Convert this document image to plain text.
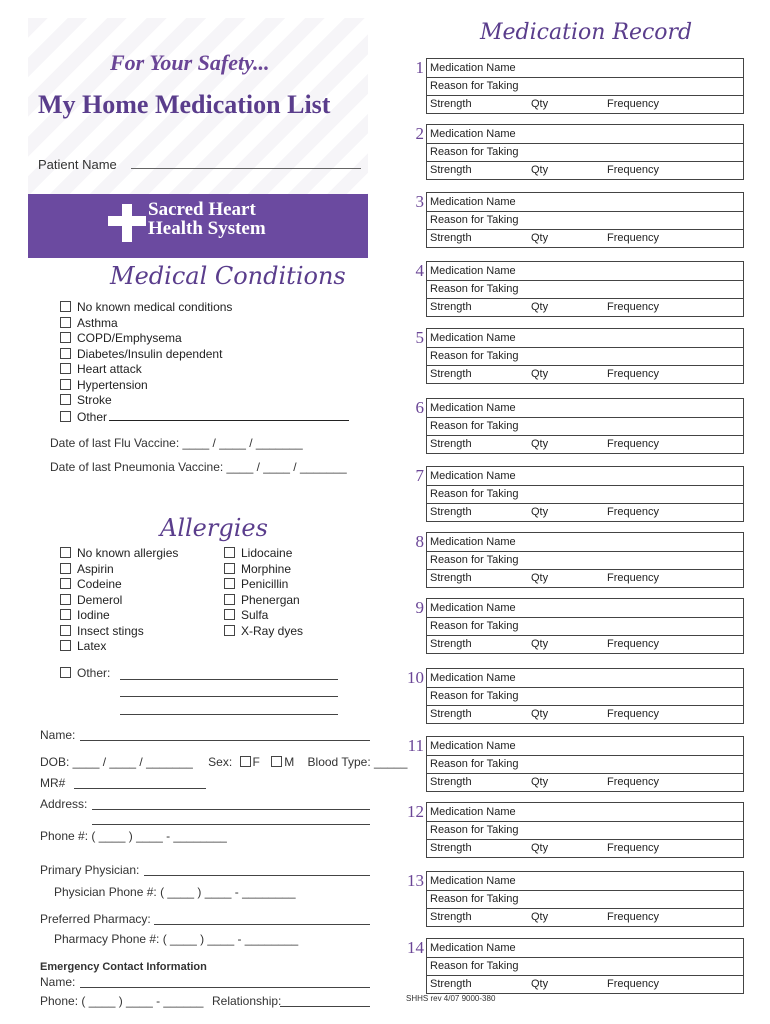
For Your Safety...
My Home Medication List
Patient Name
Sacred Heart
Health System
Medical Conditions
No known medical conditions
Asthma
COPD/Emphysema
Diabetes/Insulin dependent
Heart attack
Hypertension
Stroke
Other
Date of last Flu Vaccine: ____ / ____ / _______
Date of last Pneumonia Vaccine: ____ / ____ / _______
Allergies
No known allergies
Aspirin
Codeine
Demerol
Iodine
Insect stings
Latex
Lidocaine
Morphine
Penicillin
Phenergan
Sulfa
X-Ray dyes
Other:
Name:
DOB: ____ / ____ / _______ Sex: F M Blood Type: _____
MR#
Address:
Phone #: ( ____ ) ____ - ________
Primary Physician:
Physician Phone #: ( ____ ) ____ - ________
Preferred Pharmacy:
Pharmacy Phone #: ( ____ ) ____ - ________
Emergency Contact Information
Name:
Phone: ( ____ ) ____ - ______ Relationship:
Medication Record
1 Medication Name
Reason for Taking
Strength	Qty	Frequency
2 Medication Name
Reason for Taking
Strength	Qty	Frequency
3 Medication Name
Reason for Taking
Strength	Qty	Frequency
4 Medication Name
Reason for Taking
Strength	Qty	Frequency
5 Medication Name
Reason for Taking
Strength	Qty	Frequency
6 Medication Name
Reason for Taking
Strength	Qty	Frequency
7 Medication Name
Reason for Taking
Strength	Qty	Frequency
8 Medication Name
Reason for Taking
Strength	Qty	Frequency
9 Medication Name
Reason for Taking
Strength	Qty	Frequency
10 Medication Name
Reason for Taking
Strength	Qty	Frequency
11 Medication Name
Reason for Taking
Strength	Qty	Frequency
12 Medication Name
Reason for Taking
Strength	Qty	Frequency
13 Medication Name
Reason for Taking
Strength	Qty	Frequency
14 Medication Name
Reason for Taking
Strength	Qty	Frequency
SHHS rev 4/07 9000-380
